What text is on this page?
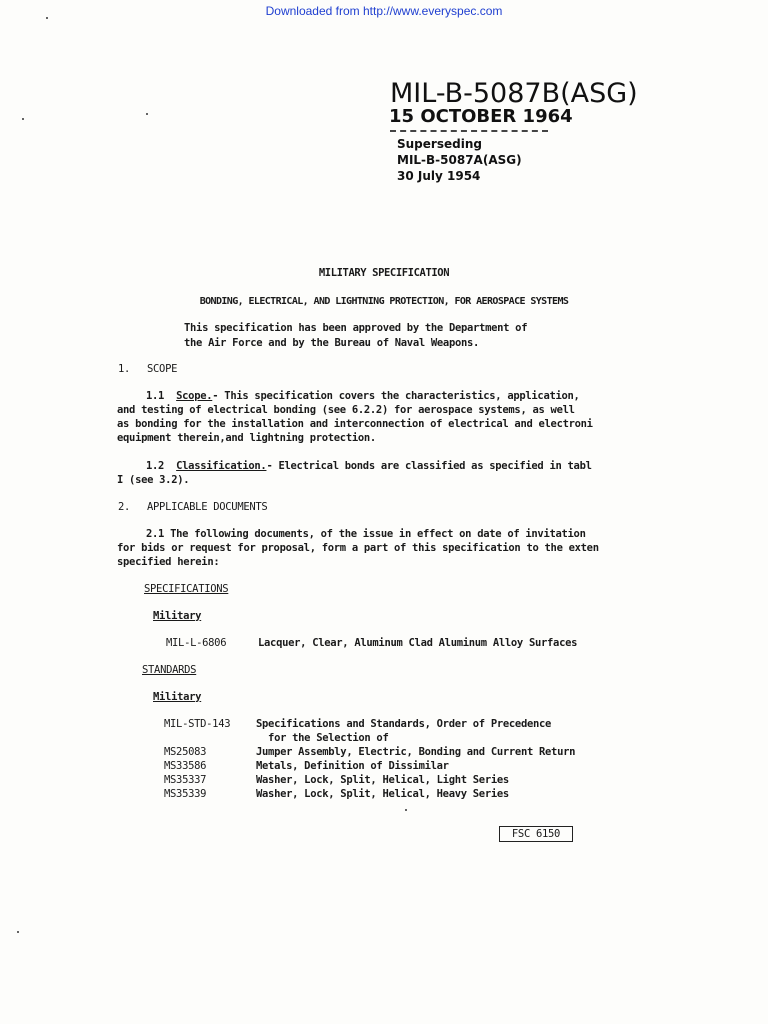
Downloaded from http://www.everyspec.com
MIL-B-5087B(ASG)
15 OCTOBER 1964
Superseding
MIL-B-5087A(ASG)
30 July 1954
MILITARY SPECIFICATION
BONDING, ELECTRICAL, AND LIGHTNING PROTECTION, FOR AEROSPACE SYSTEMS
This specification has been approved by the Department of
the Air Force and by the Bureau of Naval Weapons.
1. SCOPE
1.1 Scope.- This specification covers the characteristics, application,
and testing of electrical bonding (see 6.2.2) for aerospace systems, as well
as bonding for the installation and interconnection of electrical and electroni
equipment therein,and lightning protection.
1.2 Classification.- Electrical bonds are classified as specified in tabl
I (see 3.2).
2. APPLICABLE DOCUMENTS
2.1 The following documents, of the issue in effect on date of invitation
for bids or request for proposal, form a part of this specification to the exten
specified herein:
SPECIFICATIONS
Military
MIL-L-6806	Lacquer, Clear, Aluminum Clad Aluminum Alloy Surfaces
STANDARDS
Military
MIL-STD-143 Specifications and Standards, Order of Precedence
for the Selection of
MS25083	Jumper Assembly, Electric, Bonding and Current Return
MS33586	Metals, Definition of Dissimilar
MS35337	Washer, Lock, Split, Helical, Light Series
MS35339	Washer, Lock, Split, Helical, Heavy Series
FSC 6150
